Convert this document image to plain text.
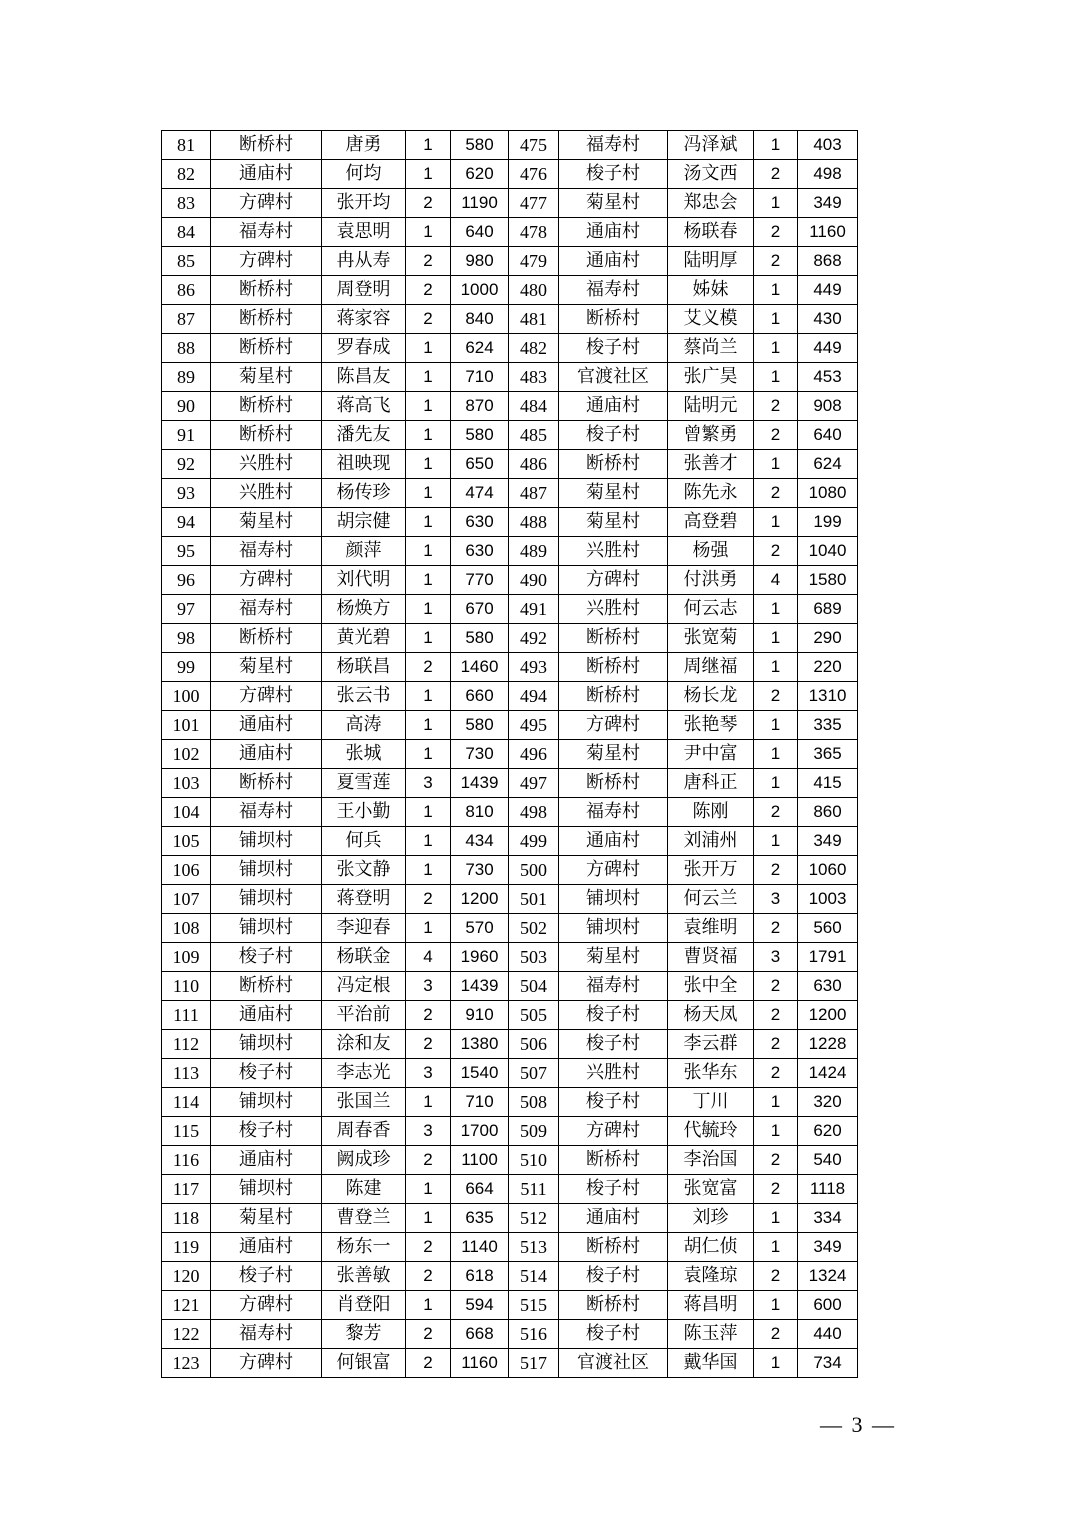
81	断桥村	唐勇	1	580	475	福寿村	冯泽斌	1	403
82	通庙村	何均	1	620	476	梭子村	汤文西	2	498
83	方碑村	张开均	2	1190	477	菊星村	郑忠会	1	349
84	福寿村	袁思明	1	640	478	通庙村	杨联春	2	1160
85	方碑村	冉从寿	2	980	479	通庙村	陆明厚	2	868
86	断桥村	周登明	2	1000	480	福寿村	姊妹	1	449
87	断桥村	蒋家容	2	840	481	断桥村	艾义模	1	430
88	断桥村	罗春成	1	624	482	梭子村	蔡尚兰	1	449
89	菊星村	陈昌友	1	710	483	官渡社区	张广昊	1	453
90	断桥村	蒋高飞	1	870	484	通庙村	陆明元	2	908
91	断桥村	潘先友	1	580	485	梭子村	曾繁勇	2	640
92	兴胜村	祖映现	1	650	486	断桥村	张善才	1	624
93	兴胜村	杨传珍	1	474	487	菊星村	陈先永	2	1080
94	菊星村	胡宗健	1	630	488	菊星村	高登碧	1	199
95	福寿村	颜萍	1	630	489	兴胜村	杨强	2	1040
96	方碑村	刘代明	1	770	490	方碑村	付洪勇	4	1580
97	福寿村	杨焕方	1	670	491	兴胜村	何云志	1	689
98	断桥村	黄光碧	1	580	492	断桥村	张宽菊	1	290
99	菊星村	杨联昌	2	1460	493	断桥村	周继福	1	220
100	方碑村	张云书	1	660	494	断桥村	杨长龙	2	1310
101	通庙村	高涛	1	580	495	方碑村	张艳琴	1	335
102	通庙村	张城	1	730	496	菊星村	尹中富	1	365
103	断桥村	夏雪莲	3	1439	497	断桥村	唐科正	1	415
104	福寿村	王小勤	1	810	498	福寿村	陈刚	2	860
105	铺坝村	何兵	1	434	499	通庙村	刘浦州	1	349
106	铺坝村	张文静	1	730	500	方碑村	张开万	2	1060
107	铺坝村	蒋登明	2	1200	501	铺坝村	何云兰	3	1003
108	铺坝村	李迎春	1	570	502	铺坝村	袁维明	2	560
109	梭子村	杨联金	4	1960	503	菊星村	曹贤福	3	1791
110	断桥村	冯定根	3	1439	504	福寿村	张中全	2	630
111	通庙村	平治前	2	910	505	梭子村	杨天凤	2	1200
112	铺坝村	涂和友	2	1380	506	梭子村	李云群	2	1228
113	梭子村	李志光	3	1540	507	兴胜村	张华东	2	1424
114	铺坝村	张国兰	1	710	508	梭子村	丁川	1	320
115	梭子村	周春香	3	1700	509	方碑村	代毓玲	1	620
116	通庙村	阙成珍	2	1100	510	断桥村	李治国	2	540
117	铺坝村	陈建	1	664	511	梭子村	张宽富	2	1118
118	菊星村	曹登兰	1	635	512	通庙村	刘珍	1	334
119	通庙村	杨东一	2	1140	513	断桥村	胡仁侦	1	349
120	梭子村	张善敏	2	618	514	梭子村	袁隆琼	2	1324
121	方碑村	肖登阳	1	594	515	断桥村	蒋昌明	1	600
122	福寿村	黎芳	2	668	516	梭子村	陈玉萍	2	440
123	方碑村	何银富	2	1160	517	官渡社区	戴华国	1	734
— 3 —
